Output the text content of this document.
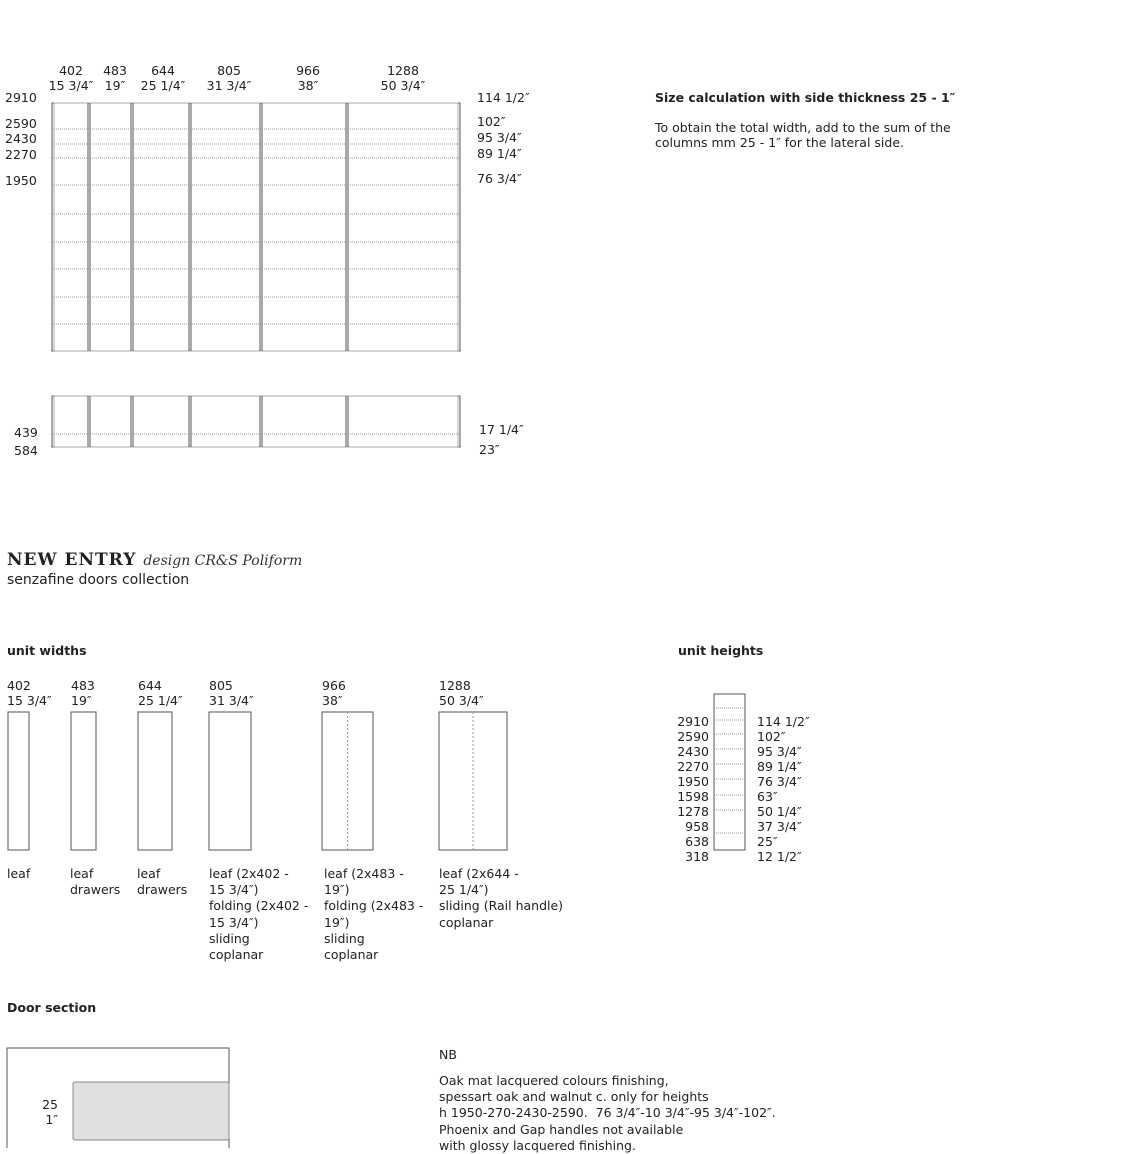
402
15 3/4″
483
19″
644
25 1/4″
805
31 3/4″
966
38″
1288
50 3/4″
2910
2590
2430
2270
1950
114 1/2″
102″
95 3/4″
89 1/4″
76 3/4″
439
584
17 1/4″
23″
Size calculation with side thickness 25 - 1″
To obtain the total width, add to the sum of the columns mm 25 - 1″ for the lateral side.
NEW ENTRY design CR&S Poliform
senzafine doors collection
unit widths
402
15 3/4″
483
19″
644
25 1/4″
805
31 3/4″
966
38″
1288
50 3/4″
leaf	leaf
drawers
leaf
drawers
leaf (2x402 -
15 3/4″)
folding (2x402 -
15 3/4″)
sliding
coplanar
leaf (2x483 -
19″)
folding (2x483 -
19″)
sliding
coplanar
leaf (2x644 -
25 1/4″)
sliding (Rail handle)
coplanar
unit heights

2910
2590
2430
2270
1950
1598
1278
958
638
318

114 1/2″
102″
95 3/4″
89 1/4″
76 3/4″
63″
50 1/4″
37 3/4″
25″
12 1/2″

Door section
25
1″
NB
Oak mat lacquered colours finishing,
spessart oak and walnut c. only for heights
h 1950-270-2430-2590.  76 3/4″-10 3/4″-95 3/4″-102″.
Phoenix and Gap handles not available
with glossy lacquered finishing.
